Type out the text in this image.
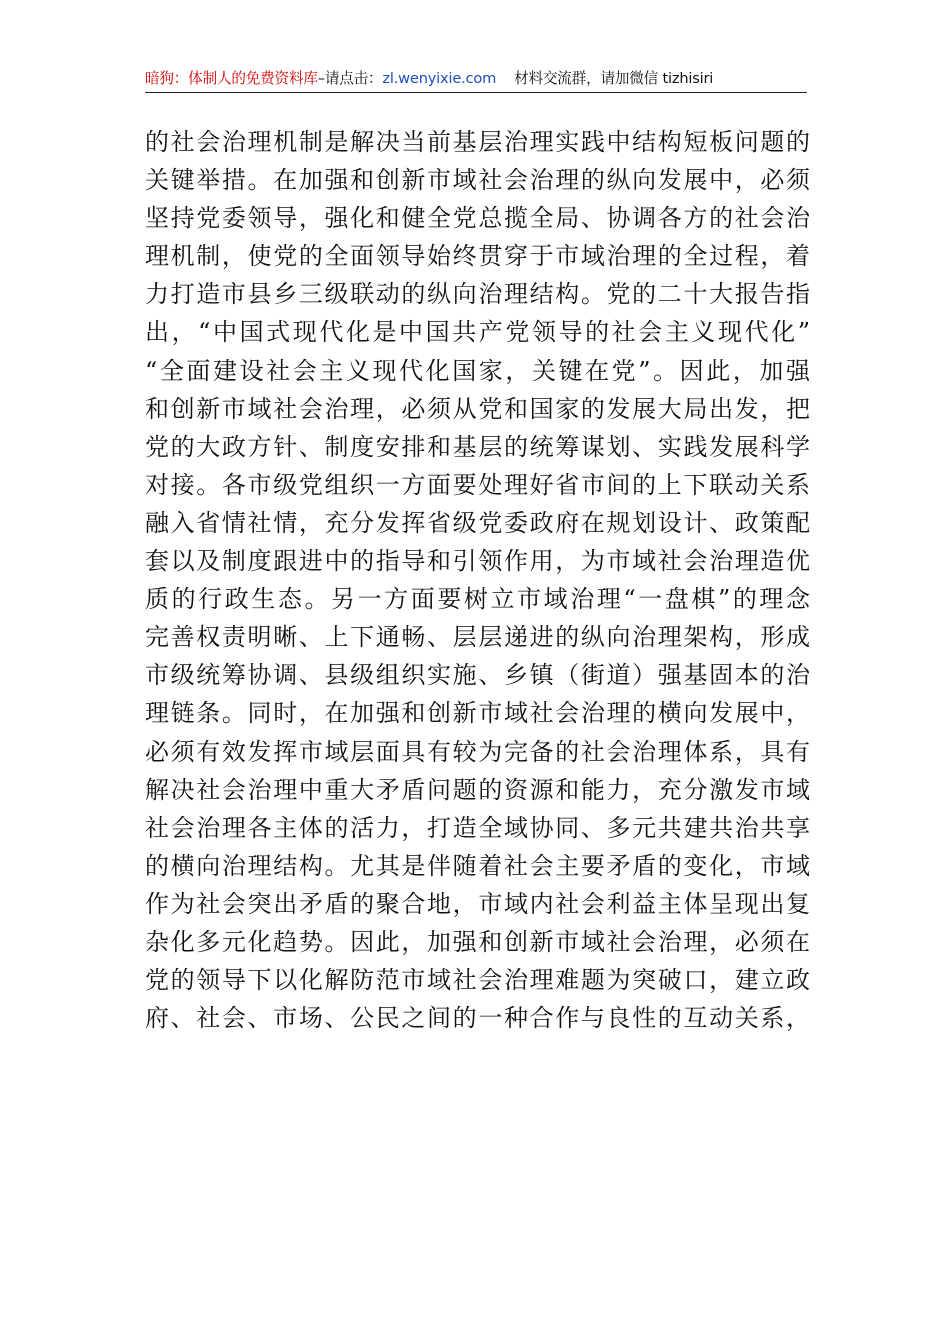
暗狗：体制人的免费资料库–请点击：zl.wenyixie.com 材料交流群，请加微信 tizhisiri
的社会治理机制是解决当前基层治理实践中结构短板问题的
关键举措。在加强和创新市域社会治理的纵向发展中，必须
坚持党委领导，强化和健全党总揽全局、协调各方的社会治
理机制，使党的全面领导始终贯穿于市域治理的全过程，着
力打造市县乡三级联动的纵向治理结构。党的二十大报告指
出，“中国式现代化是中国共产党领导的社会主义现代化”
“全面建设社会主义现代化国家，关键在党”。因此，加强
和创新市域社会治理，必须从党和国家的发展大局出发，把
党的大政方针、制度安排和基层的统筹谋划、实践发展科学
对接。各市级党组织一方面要处理好省市间的上下联动关系
融入省情社情，充分发挥省级党委政府在规划设计、政策配
套以及制度跟进中的指导和引领作用，为市域社会治理造优
质的行政生态。另一方面要树立市域治理“一盘棋”的理念
完善权责明晰、上下通畅、层层递进的纵向治理架构，形成
市级统筹协调、县级组织实施、乡镇（街道）强基固本的治
理链条。同时，在加强和创新市域社会治理的横向发展中，
必须有效发挥市域层面具有较为完备的社会治理体系，具有
解决社会治理中重大矛盾问题的资源和能力，充分激发市域
社会治理各主体的活力，打造全域协同、多元共建共治共享
的横向治理结构。尤其是伴随着社会主要矛盾的变化，市域
作为社会突出矛盾的聚合地，市域内社会利益主体呈现出复
杂化多元化趋势。因此，加强和创新市域社会治理，必须在
党的领导下以化解防范市域社会治理难题为突破口，建立政
府、社会、市场、公民之间的一种合作与良性的互动关系，
